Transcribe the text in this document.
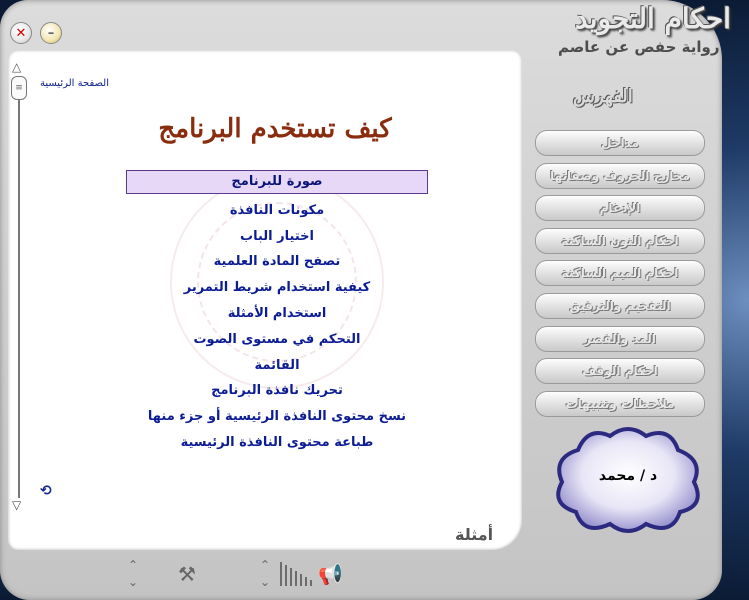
✕ –
△
≡
▽
الصفحة الرئيسية
كيف تستخدم البرنامج
صورة للبرنامج
مكونات النافذة
اختيار الباب
تصفح المادة العلمية
كيفية استخدام شريط التمرير
استخدام الأمثلة
التحكم في مستوى الصوت
القائمة
تحريك نافذة البرنامج
نسخ محتوى النافذة الرئيسية أو جزء منها
طباعة محتوى النافذة الرئيسية
⟲
أمثلة
احكام التجويد
رواية حفص عن عاصم
الفهرس
مداخل
مخارج الحروف وصفاتها
الإدغام
احكام النون الساكنة
احكام الميم الساكنة
التفخيم والترقيق
المد والقصر
احكام الوقف
ملاحظات وتنبيهات
د / محمد
⌃
⌄ ⚒	⌃
⌄ 📢
